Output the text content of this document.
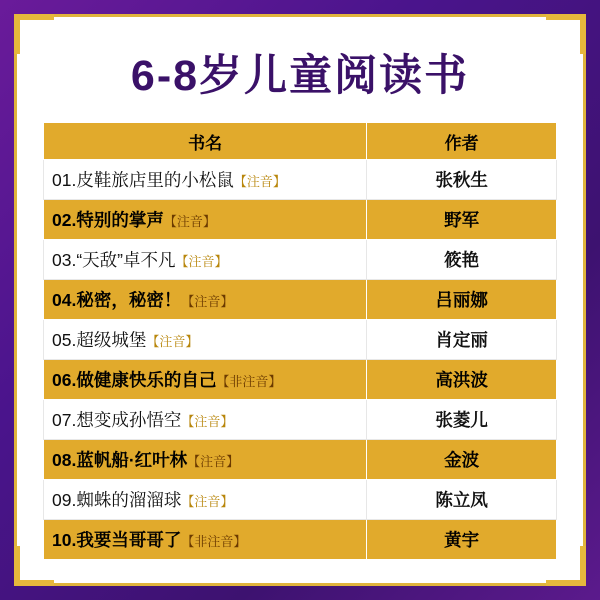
6-8岁儿童阅读书
书名	作者
01.皮鞋旅店里的小松鼠【注音】	张秋生
02.特别的掌声【注音】	野军
03.“天敌”卓不凡【注音】	筱艳
04.秘密，秘密！【注音】	吕丽娜
05.超级城堡【注音】	肖定丽
06.做健康快乐的自己【非注音】	高洪波
07.想变成孙悟空【注音】	张菱儿
08.蓝帆船·红叶林【注音】	金波
09.蜘蛛的溜溜球【注音】	陈立凤
10.我要当哥哥了【非注音】	黄宇
